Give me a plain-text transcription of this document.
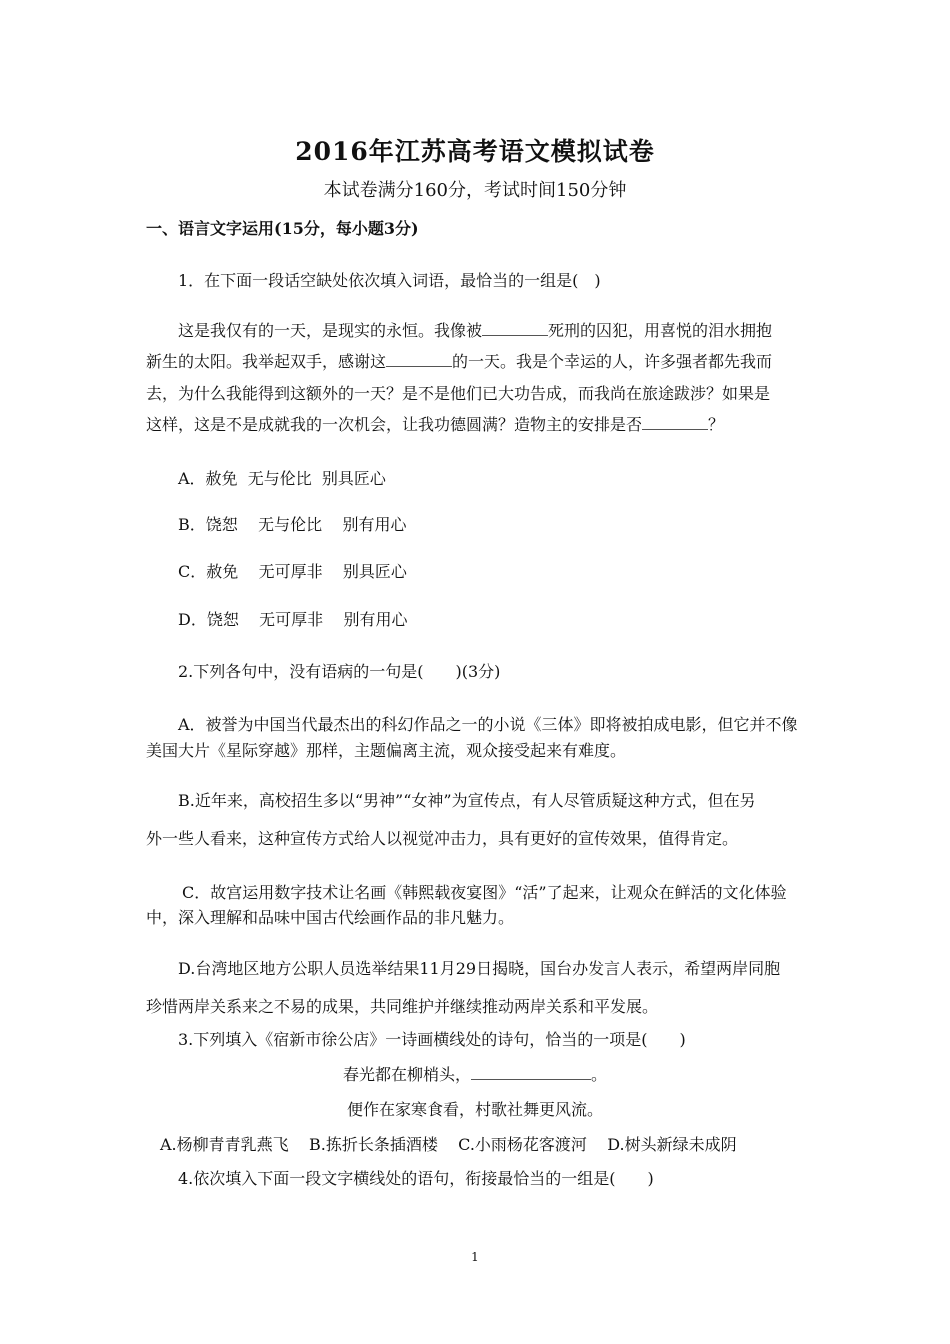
2016年江苏高考语文模拟试卷
本试卷满分160分，考试时间150分钟
一、语言文字运用(15分，每小题3分)
1．在下面一段话空缺处依次填入词语，最恰当的一组是(　)
这是我仅有的一天，是现实的永恒。我像被	死刑的囚犯，用喜悦的泪水拥抱
新生的太阳。我举起双手，感谢这	的一天。我是个幸运的人，许多强者都先我而
去，为什么我能得到这额外的一天？是不是他们已大功告成，而我尚在旅途跋涉？如果是
这样，这是不是成就我的一次机会，让我功德圆满？造物主的安排是否	？
A．赦免  无与伦比  别具匠心
B．饶恕    无与伦比    别有用心
C．赦免    无可厚非    别具匠心
D．饶恕    无可厚非    别有用心
2.下列各句中，没有语病的一句是(　　)(3分)
A．被誉为中国当代最杰出的科幻作品之一的小说《三体》即将被拍成电影，但它并不像
美国大片《星际穿越》那样，主题偏离主流，观众接受起来有难度。
B.近年来，高校招生多以“男神”“女神”为宣传点，有人尽管质疑这种方式，但在另
外一些人看来，这种宣传方式给人以视觉冲击力，具有更好的宣传效果，值得肯定。
C．故宫运用数字技术让名画《韩熙载夜宴图》“活”了起来，让观众在鲜活的文化体验
中，深入理解和品味中国古代绘画作品的非凡魅力。
D.台湾地区地方公职人员选举结果11月29日揭晓，国台办发言人表示，希望两岸同胞
珍惜两岸关系来之不易的成果，共同维护并继续推动两岸关系和平发展。
3.下列填入《宿新市徐公店》一诗画横线处的诗句，恰当的一项是(　　)
春光都在柳梢头，	。
便作在家寒食看，村歌社舞更风流。
A.杨柳青青乳燕飞    B.拣折长条插酒楼    C.小雨杨花客渡河    D.树头新绿未成阴
4.依次填入下面一段文字横线处的语句，衔接最恰当的一组是(　　)
1
